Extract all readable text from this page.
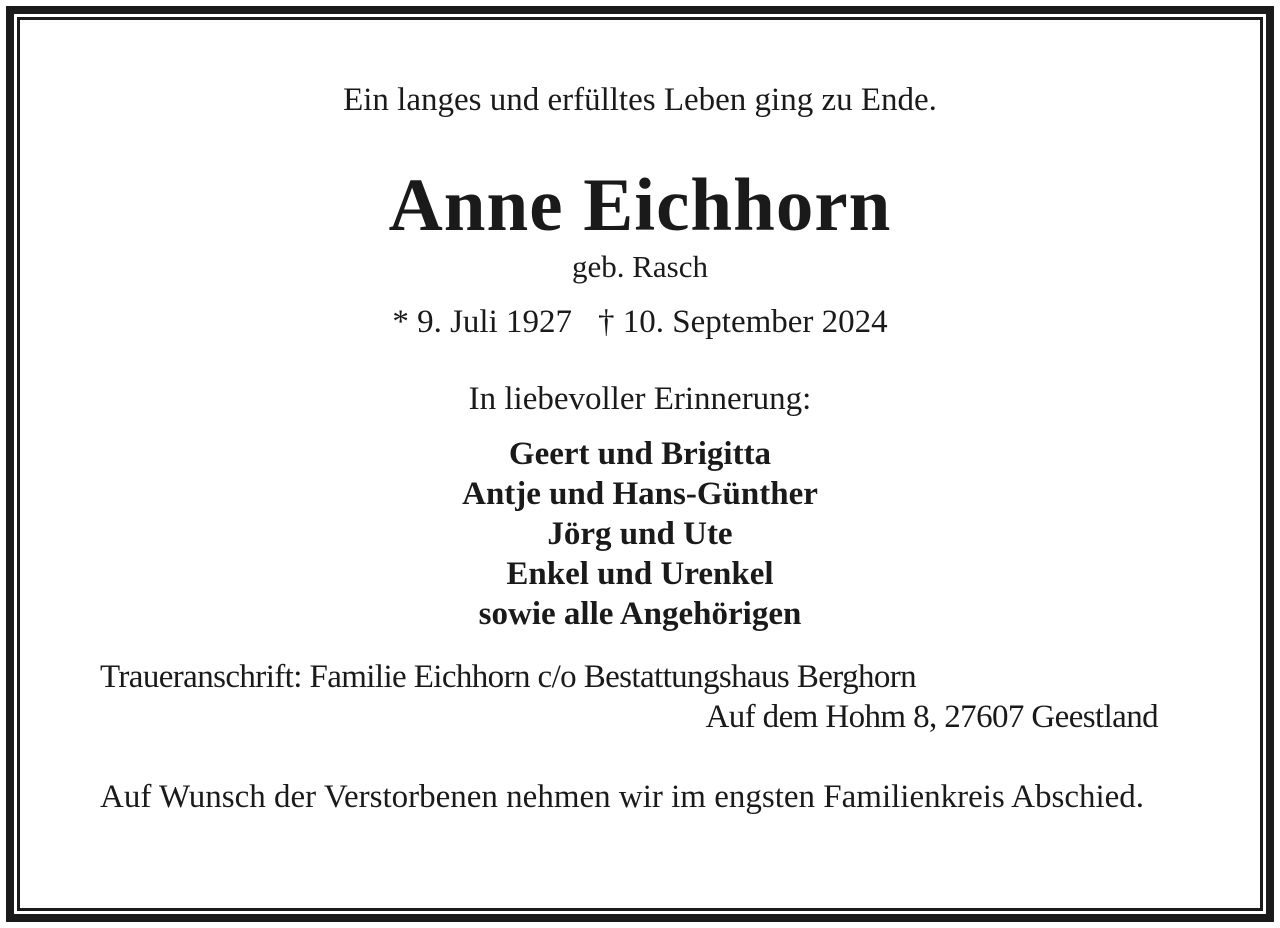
Ein langes und erfülltes Leben ging zu Ende.
Anne Eichhorn
geb. Rasch
* 9. Juli 1927 † 10. September 2024
In liebevoller Erinnerung:
Geert und Brigitta
Antje und Hans-Günther
Jörg und Ute
Enkel und Urenkel
sowie alle Angehörigen
Traueranschrift: Familie Eichhorn c/o Bestattungshaus Berghorn
Auf dem Hohm 8, 27607 Geestland

Auf Wunsch der Verstorbenen nehmen wir im engsten Familienkreis Abschied.
